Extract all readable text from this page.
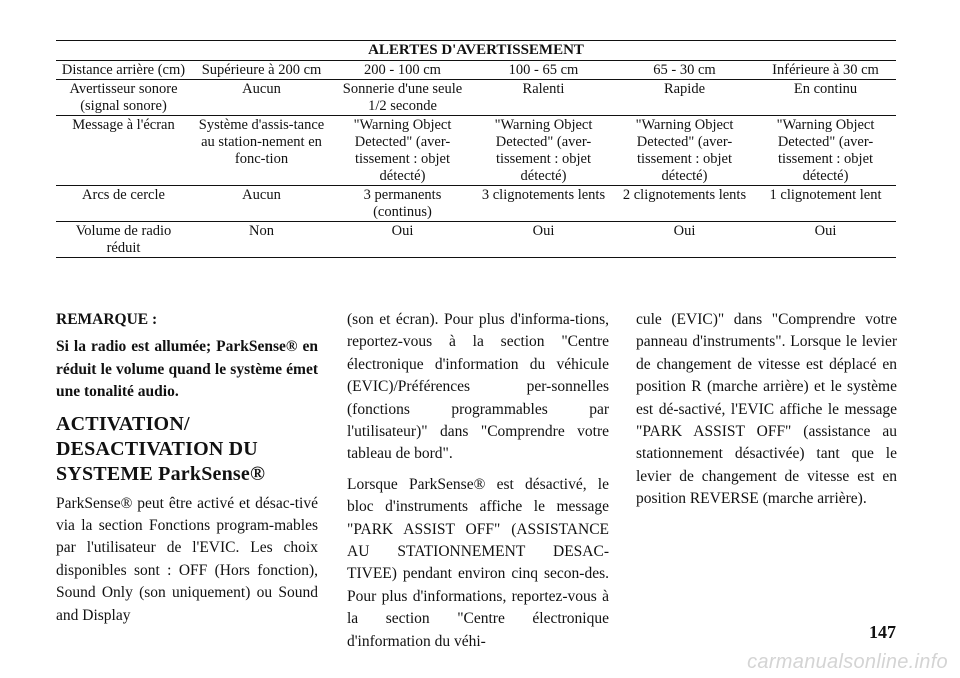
ALERTES D'AVERTISSEMENT					
Distance arrière (cm)	Supérieure à 200 cm	200 - 100 cm	100 - 65 cm	65 - 30 cm	Inférieure à 30 cm
Avertisseur sonore (signal sonore)	Aucun	Sonnerie d'une seule 1/2 seconde	Ralenti	Rapide	En continu
Message à l'écran	Système d'assis-tance au station-nement en fonc-tion	"Warning Object Detected" (aver-tissement : objet détecté)	"Warning Object Detected" (aver-tissement : objet détecté)	"Warning Object Detected" (aver-tissement : objet détecté)	"Warning Object Detected" (aver-tissement : objet détecté)
Arcs de cercle	Aucun	3 permanents (continus)	3 clignotements lents	2 clignotements lents	1 clignotement lent
Volume de radio réduit	Non	Oui	Oui	Oui	Oui

REMARQUE :

Si la radio est allumée; ParkSense® en réduit le volume quand le système émet une tonalité audio.

ACTIVATION/ DESACTIVATION DU SYSTEME ParkSense®

ParkSense® peut être activé et désac-tivé via la section Fonctions program-mables par l'utilisateur de l'EVIC. Les choix disponibles sont : OFF (Hors fonction), Sound Only (son uniquement) ou Sound and Display

(son et écran). Pour plus d'informa-tions, reportez-vous à la section "Centre électronique d'information du véhicule (EVIC)/Préférences per-sonnelles (fonctions programmables par l'utilisateur)" dans "Comprendre votre tableau de bord".

Lorsque ParkSense® est désactivé, le bloc d'instruments affiche le message "PARK ASSIST OFF" (ASSISTANCE AU STATIONNEMENT DESAC-TIVEE) pendant environ cinq secon-des. Pour plus d'informations, reportez-vous à la section "Centre électronique d'information du véhi-

cule (EVIC)" dans "Comprendre votre panneau d'instruments". Lorsque le levier de changement de vitesse est déplacé en position R (marche arrière) et le système est dé-sactivé, l'EVIC affiche le message "PARK ASSIST OFF" (assistance au stationnement désactivée) tant que le levier de changement de vitesse est en position REVERSE (marche arrière).

147
carmanualsonline.info
